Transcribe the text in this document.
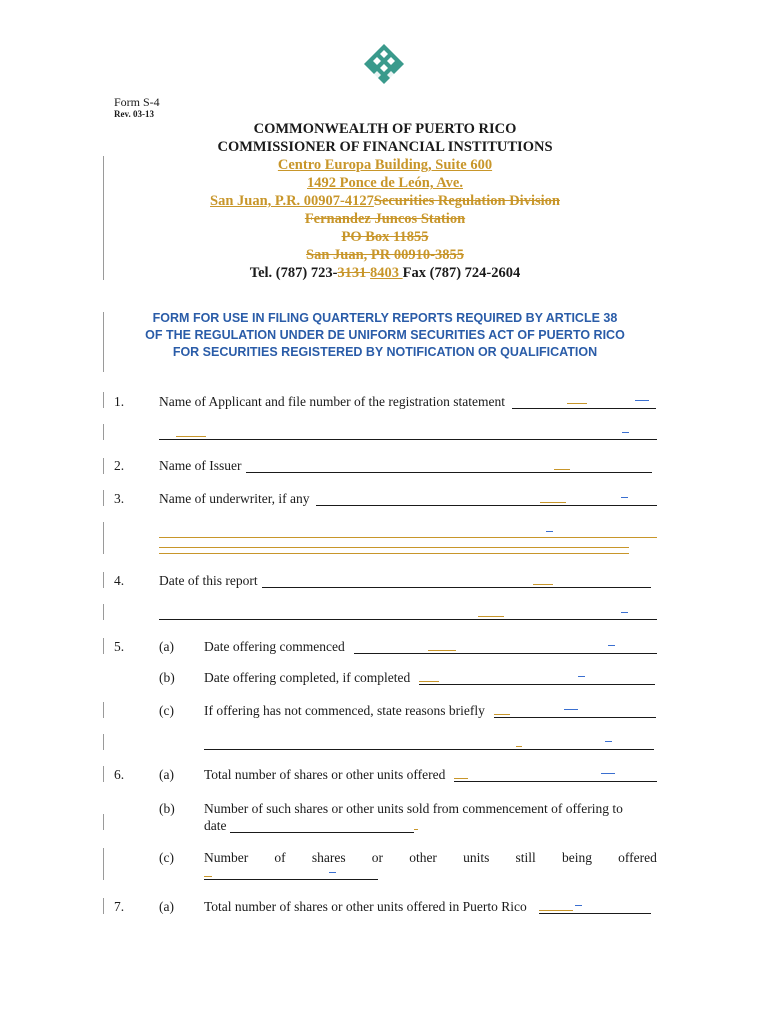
Form S-4
Rev. 03-13
COMMONWEALTH OF PUERTO RICO
COMMISSIONER OF FINANCIAL INSTITUTIONS
Centro Europa Building, Suite 600
1492 Ponce de León, Ave.
San Juan, P.R. 00907-4127Securities Regulation Division
Fernandez Juncos Station
PO Box 11855
San Juan, PR 00910-3855
Tel. (787) 723-3131 8403 Fax (787) 724-2604
FORM FOR USE IN FILING QUARTERLY REPORTS REQUIRED BY ARTICLE 38
OF THE REGULATION UNDER DE UNIFORM SECURITIES ACT OF PUERTO RICO
FOR SECURITIES REGISTERED BY NOTIFICATION OR QUALIFICATION
1.	Name of Applicant and file number of the registration statement
2.	Name of Issuer
3.	Name of underwriter, if any
4.	Date of this report
5.	(a) Date offering commenced
(b) Date offering completed, if completed
(c) If offering has not commenced, state reasons briefly
6.	(a) Total number of shares or other units offered
(b) Number of such shares or other units sold from commencement of offering to
date
(c) Number of shares or other units still being offered
7.	(a) Total number of shares or other units offered in Puerto Rico
